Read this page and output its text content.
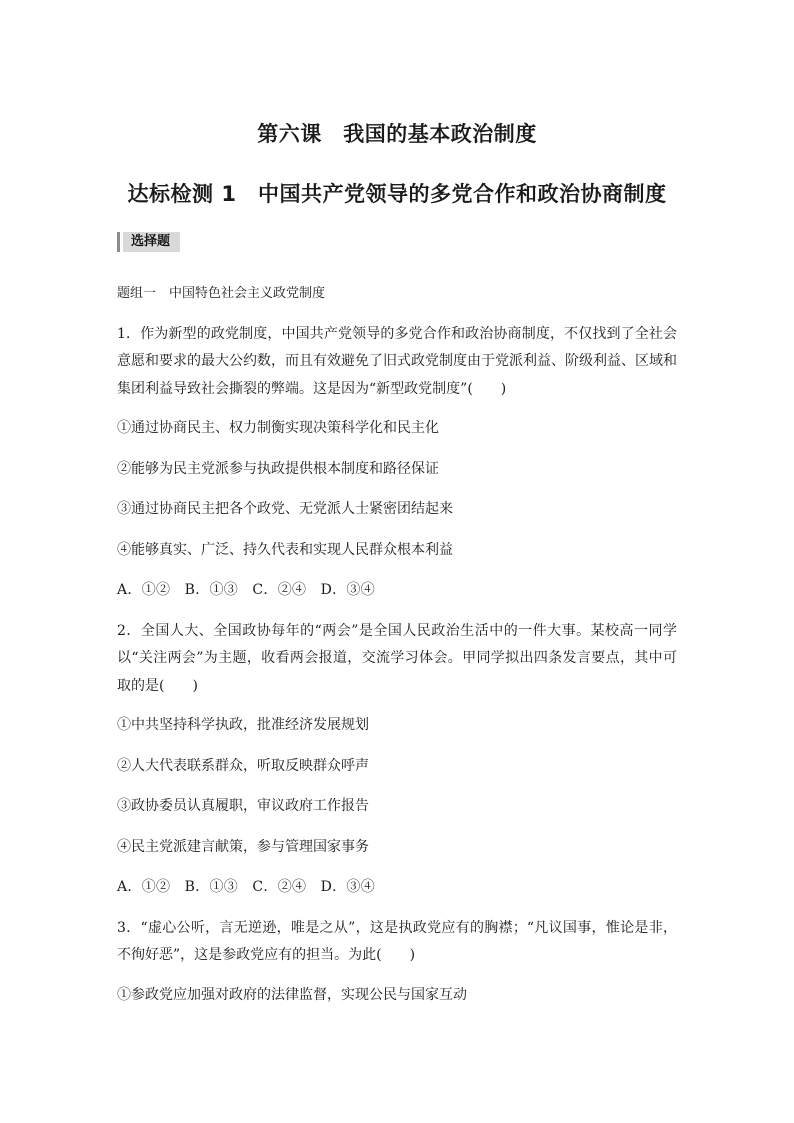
第六课　我国的基本政治制度
达标检测 1　中国共产党领导的多党合作和政治协商制度
选择题

题组一　中国特色社会主义政党制度

1．作为新型的政党制度，中国共产党领导的多党合作和政治协商制度，不仅找到了全社会意愿和要求的最大公约数，而且有效避免了旧式政党制度由于党派利益、阶级利益、区域和集团利益导致社会撕裂的弊端。这是因为“新型政党制度”(　　)

①通过协商民主、权力制衡实现决策科学化和民主化

②能够为民主党派参与执政提供根本制度和路径保证

③通过协商民主把各个政党、无党派人士紧密团结起来

④能够真实、广泛、持久代表和实现人民群众根本利益

A．①②　B．①③　C．②④　D．③④

2．全国人大、全国政协每年的“两会”是全国人民政治生活中的一件大事。某校高一同学以“关注两会”为主题，收看两会报道，交流学习体会。甲同学拟出四条发言要点，其中可取的是(　　)

①中共坚持科学执政，批准经济发展规划

②人大代表联系群众，听取反映群众呼声

③政协委员认真履职，审议政府工作报告

④民主党派建言献策，参与管理国家事务

A．①②　B．①③　C．②④　D．③④

3．“虚心公听，言无逆逊，唯是之从”，这是执政党应有的胸襟；“凡议国事，惟论是非，不徇好恶”，这是参政党应有的担当。为此(　　)

①参政党应加强对政府的法律监督，实现公民与国家互动
